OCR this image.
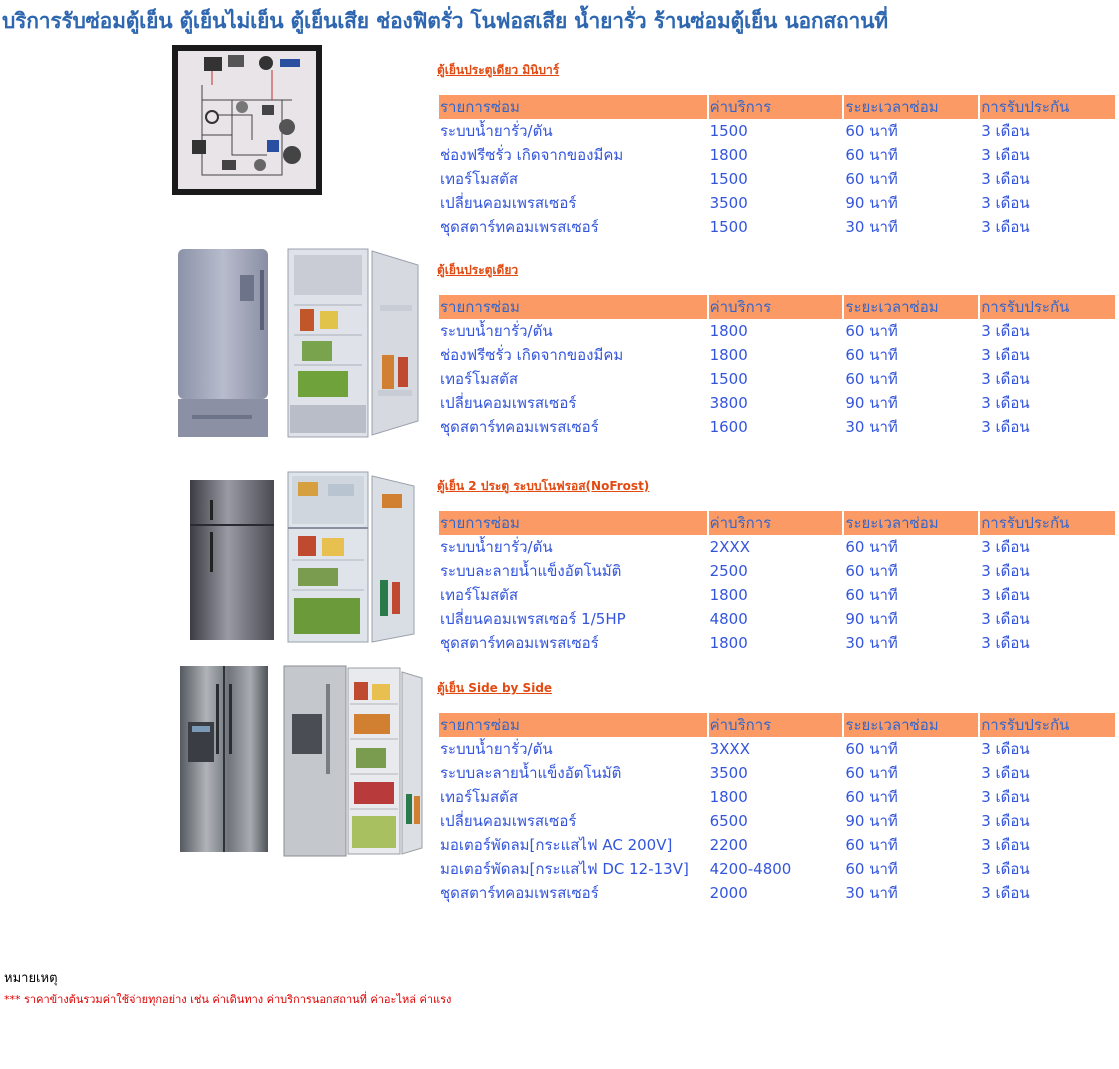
บริการรับซ่อมตู้เย็น ตู้เย็นไม่เย็น ตู้เย็นเสีย ช่องฟิตรั่ว โนฟอสเสีย น้ำยารั่ว ร้านซ่อมตู้เย็น นอกสถานที่
ตู้เย็นประตูเดียว มินิบาร์
รายการซ่อม	ค่าบริการ	ระยะเวลาซ่อม	การรับประกัน
ระบบน้ำยารั่ว/ตัน	1500	60 นาที	3 เดือน
ช่องฟรีซรั่ว เกิดจากของมีคม	1800	60 นาที	3 เดือน
เทอร์โมสตัส	1500	60 นาที	3 เดือน
เปลี่ยนคอมเพรสเซอร์	3500	90 นาที	3 เดือน
ชุดสตาร์ทคอมเพรสเซอร์	1500	30 นาที	3 เดือน
ตู้เย็นประตูเดียว
รายการซ่อม	ค่าบริการ	ระยะเวลาซ่อม	การรับประกัน
ระบบน้ำยารั่ว/ตัน	1800	60 นาที	3 เดือน
ช่องฟรีซรั่ว เกิดจากของมีคม	1800	60 นาที	3 เดือน
เทอร์โมสตัส	1500	60 นาที	3 เดือน
เปลี่ยนคอมเพรสเซอร์	3800	90 นาที	3 เดือน
ชุดสตาร์ทคอมเพรสเซอร์	1600	30 นาที	3 เดือน
ตู้เย็น 2 ประตู ระบบโนฟรอส(NoFrost)
รายการซ่อม	ค่าบริการ	ระยะเวลาซ่อม	การรับประกัน
ระบบน้ำยารั่ว/ตัน	2XXX	60 นาที	3 เดือน
ระบบละลายน้ำแข็งอัตโนมัติ	2500	60 นาที	3 เดือน
เทอร์โมสตัส	1800	60 นาที	3 เดือน
เปลี่ยนคอมเพรสเซอร์ 1/5HP	4800	90 นาที	3 เดือน
ชุดสตาร์ทคอมเพรสเซอร์	1800	30 นาที	3 เดือน
ตู้เย็น Side by Side
รายการซ่อม	ค่าบริการ	ระยะเวลาซ่อม	การรับประกัน
ระบบน้ำยารั่ว/ตัน	3XXX	60 นาที	3 เดือน
ระบบละลายน้ำแข็งอัตโนมัติ	3500	60 นาที	3 เดือน
เทอร์โมสตัส	1800	60 นาที	3 เดือน
เปลี่ยนคอมเพรสเซอร์	6500	90 นาที	3 เดือน
มอเตอร์พัดลม[กระแสไฟ AC 200V]	2200	60 นาที	3 เดือน
มอเตอร์พัดลม[กระแสไฟ DC 12-13V]	4200-4800	60 นาที	3 เดือน
ชุดสตาร์ทคอมเพรสเซอร์	2000	30 นาที	3 เดือน
หมายเหตุ
*** ราคาข้างต้นรวมค่าใช้จ่ายทุกอย่าง เช่น ค่าเดินทาง ค่าบริการนอกสถานที่ ค่าอะไหล่ ค่าแรง
